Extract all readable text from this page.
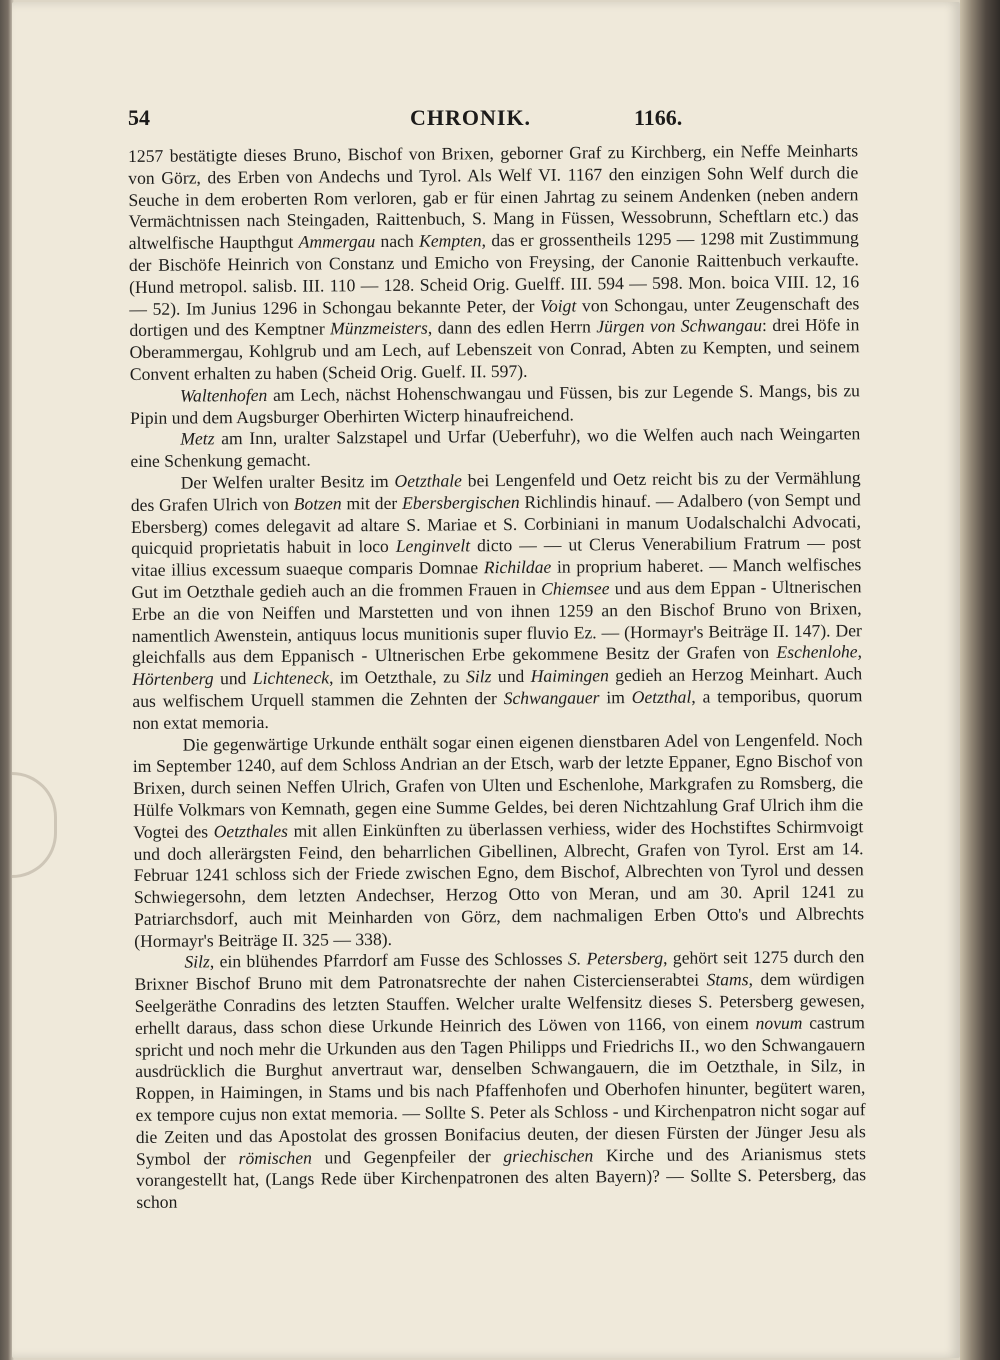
54	CHRONIK.	1166.

1257 bestätigte dieses Bruno, Bischof von Brixen, geborner Graf zu Kirchberg, ein Neffe Meinharts von Görz, des Erben von Andechs und Tyrol. Als Welf VI. 1167 den einzigen Sohn Welf durch die Seuche in dem eroberten Rom verloren, gab er für einen Jahrtag zu seinem Andenken (neben andern Vermächtnissen nach Steingaden, Raittenbuch, S. Mang in Füssen, Wessobrunn, Scheftlarn etc.) das altwelfische Haupthgut Ammergau nach Kempten, das er grossentheils 1295 — 1298 mit Zustimmung der Bischöfe Heinrich von Constanz und Emicho von Freysing, der Canonie Raittenbuch verkaufte. (Hund metropol. salisb. III. 110 — 128. Scheid Orig. Guelff. III. 594 — 598. Mon. boica VIII. 12, 16 — 52). Im Junius 1296 in Schongau bekannte Peter, der Voigt von Schongau, unter Zeugenschaft des dortigen und des Kemptner Münzmeisters, dann des edlen Herrn Jürgen von Schwangau: drei Höfe in Oberammergau, Kohlgrub und am Lech, auf Lebenszeit von Conrad, Abten zu Kempten, und seinem Convent erhalten zu haben (Scheid Orig. Guelf. II. 597).

Waltenhofen am Lech, nächst Hohenschwangau und Füssen, bis zur Legende S. Mangs, bis zu Pipin und dem Augsburger Oberhirten Wicterp hinaufreichend.

Metz am Inn, uralter Salzstapel und Urfar (Ueberfuhr), wo die Welfen auch nach Weingarten eine Schenkung gemacht.

Der Welfen uralter Besitz im Oetzthale bei Lengenfeld und Oetz reicht bis zu der Vermählung des Grafen Ulrich von Botzen mit der Ebersbergischen Richlindis hinauf. — Adalbero (von Sempt und Ebersberg) comes delegavit ad altare S. Mariae et S. Corbiniani in manum Uodalschalchi Advocati, quicquid proprietatis habuit in loco Lenginvelt dicto — — ut Clerus Venerabilium Fratrum — post vitae illius excessum suaeque comparis Domnae Richildae in proprium haberet. — Manch welfisches Gut im Oetzthale gedieh auch an die frommen Frauen in Chiemsee und aus dem Eppan - Ultnerischen Erbe an die von Neiffen und Marstetten und von ihnen 1259 an den Bischof Bruno von Brixen, namentlich Awenstein, antiquus locus munitionis super fluvio Ez. — (Hormayr's Beiträge II. 147). Der gleichfalls aus dem Eppanisch - Ultnerischen Erbe gekommene Besitz der Grafen von Eschenlohe, Hörtenberg und Lichteneck, im Oetzthale, zu Silz und Haimingen gedieh an Herzog Meinhart. Auch aus welfischem Urquell stammen die Zehnten der Schwangauer im Oetzthal, a temporibus, quorum non extat memoria.

Die gegenwärtige Urkunde enthält sogar einen eigenen dienstbaren Adel von Lengenfeld. Noch im September 1240, auf dem Schloss Andrian an der Etsch, warb der letzte Eppaner, Egno Bischof von Brixen, durch seinen Neffen Ulrich, Grafen von Ulten und Eschenlohe, Markgrafen zu Romsberg, die Hülfe Volkmars von Kemnath, gegen eine Summe Geldes, bei deren Nichtzahlung Graf Ulrich ihm die Vogtei des Oetzthales mit allen Einkünften zu überlassen verhiess, wider des Hochstiftes Schirmvoigt und doch allerärgsten Feind, den beharrlichen Gibellinen, Albrecht, Grafen von Tyrol. Erst am 14. Februar 1241 schloss sich der Friede zwischen Egno, dem Bischof, Albrechten von Tyrol und dessen Schwiegersohn, dem letzten Andechser, Herzog Otto von Meran, und am 30. April 1241 zu Patriarchsdorf, auch mit Meinharden von Görz, dem nachmaligen Erben Otto's und Albrechts (Hormayr's Beiträge II. 325 — 338).

Silz, ein blühendes Pfarrdorf am Fusse des Schlosses S. Petersberg, gehört seit 1275 durch den Brixner Bischof Bruno mit dem Patronatsrechte der nahen Cistercienserabtei Stams, dem würdigen Seelgeräthe Conradins des letzten Stauffen. Welcher uralte Welfensitz dieses S. Petersberg gewesen, erhellt daraus, dass schon diese Urkunde Heinrich des Löwen von 1166, von einem novum castrum spricht und noch mehr die Urkunden aus den Tagen Philipps und Friedrichs II., wo den Schwangauern ausdrücklich die Burghut anvertraut war, denselben Schwangauern, die im Oetzthale, in Silz, in Roppen, in Haimingen, in Stams und bis nach Pfaffenhofen und Oberhofen hinunter, begütert waren, ex tempore cujus non extat memoria. — Sollte S. Peter als Schloss - und Kirchenpatron nicht sogar auf die Zeiten und das Apostolat des grossen Bonifacius deuten, der diesen Fürsten der Jünger Jesu als Symbol der römischen und Gegenpfeiler der griechischen Kirche und des Arianismus stets vorangestellt hat, (Langs Rede über Kirchenpatronen des alten Bayern)? — Sollte S. Petersberg, das schon
